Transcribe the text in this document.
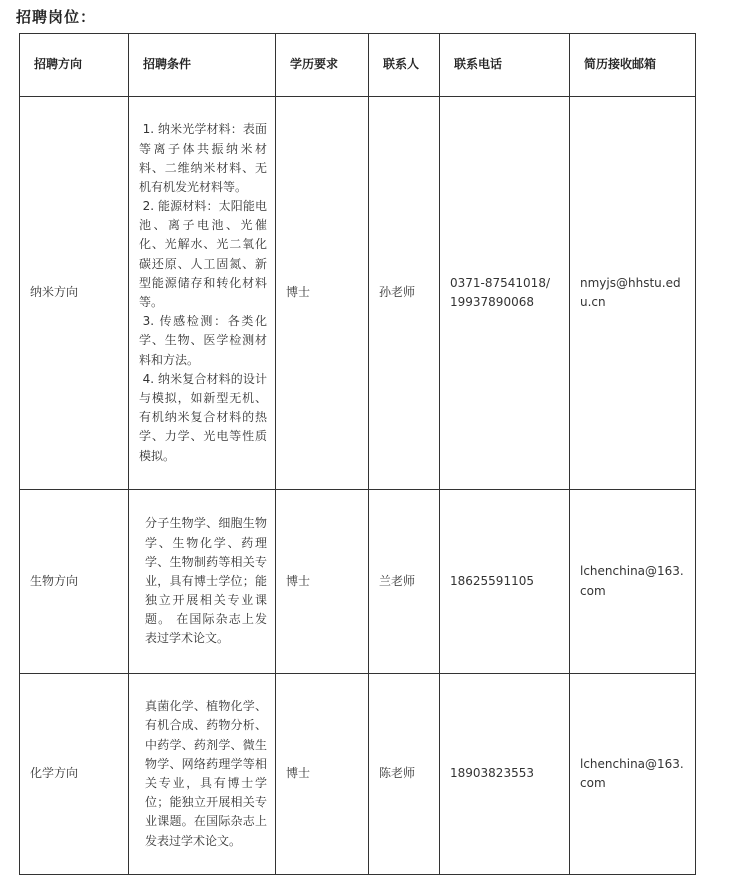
招聘岗位：
招聘方向	招聘条件	学历要求	联系人	联系电话	简历接收邮箱
纳米方向	1. 纳米光学材料：表面等离子体共振纳米材料、二维纳米材料、无机有机发光材料等。
2. 能源材料：太阳能电池、离子电池、光催化、光解水、光二氧化碳还原、人工固氮、新型能源储存和转化材料等。
3. 传感检测：各类化学、生物、医学检测材料和方法。
4. 纳米复合材料的设计与模拟，如新型无机、有机纳米复合材料的热学、力学、光电等性质模拟。	博士	孙老师	0371-87541018/ 19937890068	nmyjs@hhstu.edu.cn
生物方向	分子生物学、细胞生物学、生物化学、药理学、生物制药等相关专业，具有博士学位；能独立开展相关专业课题。 在国际杂志上发表过学术论文。	博士	兰老师	18625591105	lchenchina@163.com
化学方向	真菌化学、植物化学、有机合成、药物分析、中药学、药剂学、微生物学、网络药理学等相关专业，具有博士学位；能独立开展相关专业课题。在国际杂志上发表过学术论文。	博士	陈老师	18903823553	lchenchina@163.com
